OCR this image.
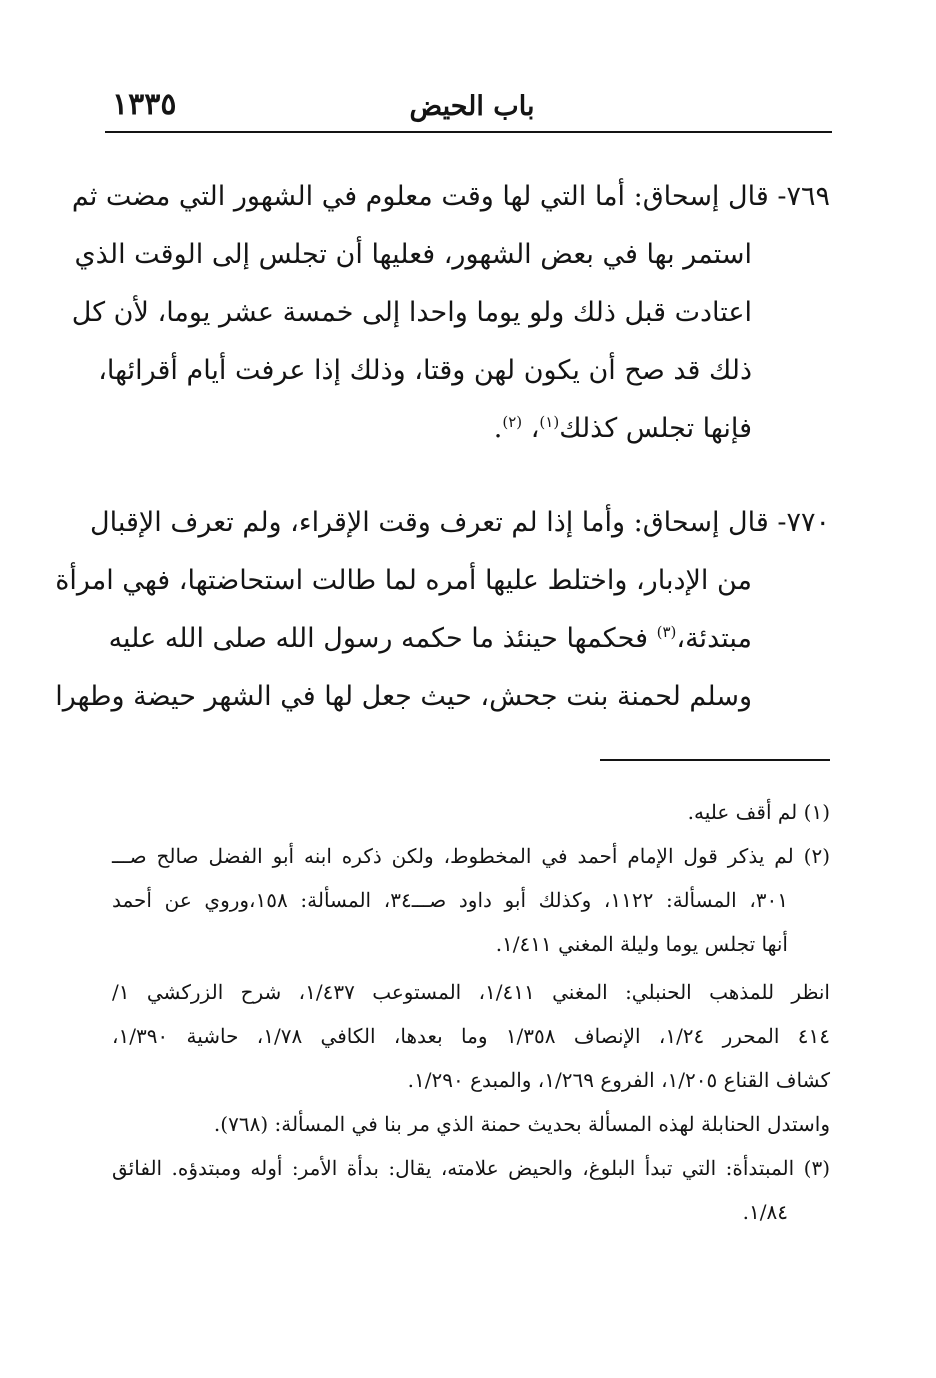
باب الحيض
١٣٣٥
٧٦٩- قال إسحاق: أما التي لها وقت معلوم في الشهور التي مضت ثم
استمر بها في بعض الشهور، فعليها أن تجلس إلى الوقت الذي
اعتادت قبل ذلك ولو يوما واحدا إلى خمسة عشر يوما، لأن كل
ذلك قد صح أن يكون لهن وقتا، وذلك إذا عرفت أيام أقرائها،
فإنها تجلس كذلك$^{(١)}$، $^{(٢)}$.
٧٧٠- قال إسحاق: وأما إذا لم تعرف وقت الإقراء، ولم تعرف الإقبال
من الإدبار، واختلط عليها أمره لما طالت استحاضتها، فهي امرأة
مبتدئة،$^{(٣)}$ فحكمها حينئذ ما حكمه رسول الله صلى الله عليه
وسلم لحمنة بنت جحش، حيث جعل لها في الشهر حيضة وطهرا
(١) لم أقف عليه.
(٢) لم يذكر قول الإمام أحمد في المخطوط، ولكن ذكره ابنه أبو الفضل صالح صـــ
٣٠١، المسألة: ١١٢٢، وكذلك أبو داود صـــ٣٤، المسألة: ١٥٨،وروي عن أحمد
أنها تجلس يوما وليلة المغني ١/٤١١.
انظر للمذهب الحنبلي: المغني ١/٤١١، المستوعب ١/٤٣٧، شرح الزركشي ١/
٤١٤ المحرر ١/٢٤، الإنصاف ١/٣٥٨ وما بعدها، الكافي ١/٧٨، حاشية ١/٣٩٠،
كشاف القناع ١/٢٠٥، الفروع ١/٢٦٩، والمبدع ١/٢٩٠.
واستدل الحنابلة لهذه المسألة بحديث حمنة الذي مر بنا في المسألة: (٧٦٨).
(٣) المبتدأة: التي تبدأ البلوغ، والحيض علامته، يقال: بدأة الأمر: أوله ومبتدؤه. الفائق
١/٨٤.
